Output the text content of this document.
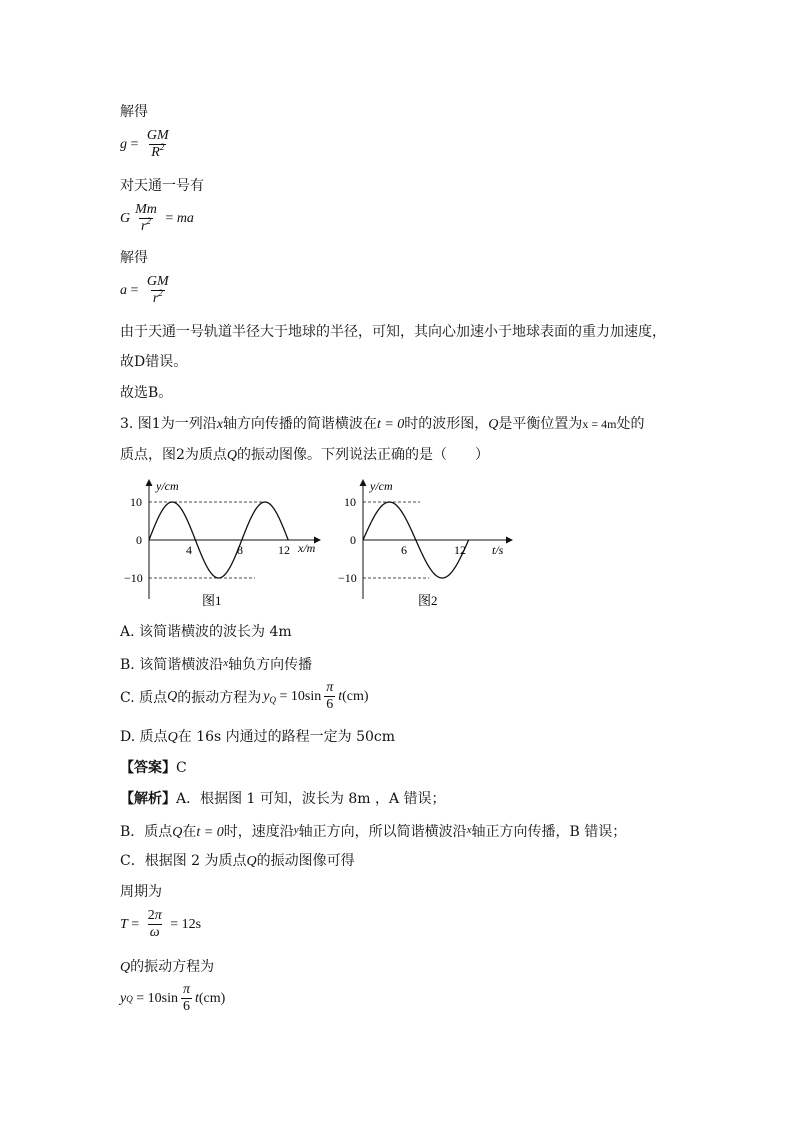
解得
$g = \frac{GM}{R^2}$
对天通一号有
G $\frac{Mm}{r^2}$ = ma
解得
$a = \frac{GM}{r^2}$
由于天通一号轨道半径大于地球的半径，可知，其向心加速小于地球表面的重力加速度，
故D错误。
故选B。
3. 图1为一列沿x轴方向传播的简谐横波在t = 0时的波形图，Q是平衡位置为x = 4m处的
质点，图2为质点Q的振动图像。下列说法正确的是（　　）
y/cm
x/m
10
0
−10
4	8	12
图1
y/cm
t/s
10
0
−10
6	12
图2
A. 该简谐横波的波长为 4m
B. 该简谐横波沿$^x$轴负方向传播
C. 质点 Q 的振动方程为 $y_Q = 10\sin \frac{\pi}{6} t(cm)$
D. 质点Q在 16s 内通过的路程一定为 50cm
【答案】C
【解析】A．根据图 1 可知，波长为 8m ，A 错误；
B．质点Q在t = 0时，速度沿$^y$轴正方向，所以简谐横波沿$^x$轴正方向传播，B 错误；
C．根据图 2 为质点Q的振动图像可得
周期为
$T = \frac{2\pi}{\omega} = 12s$
Q的振动方程为
y $Q = 10\sin \frac{\pi}{6}$ t (cm)
